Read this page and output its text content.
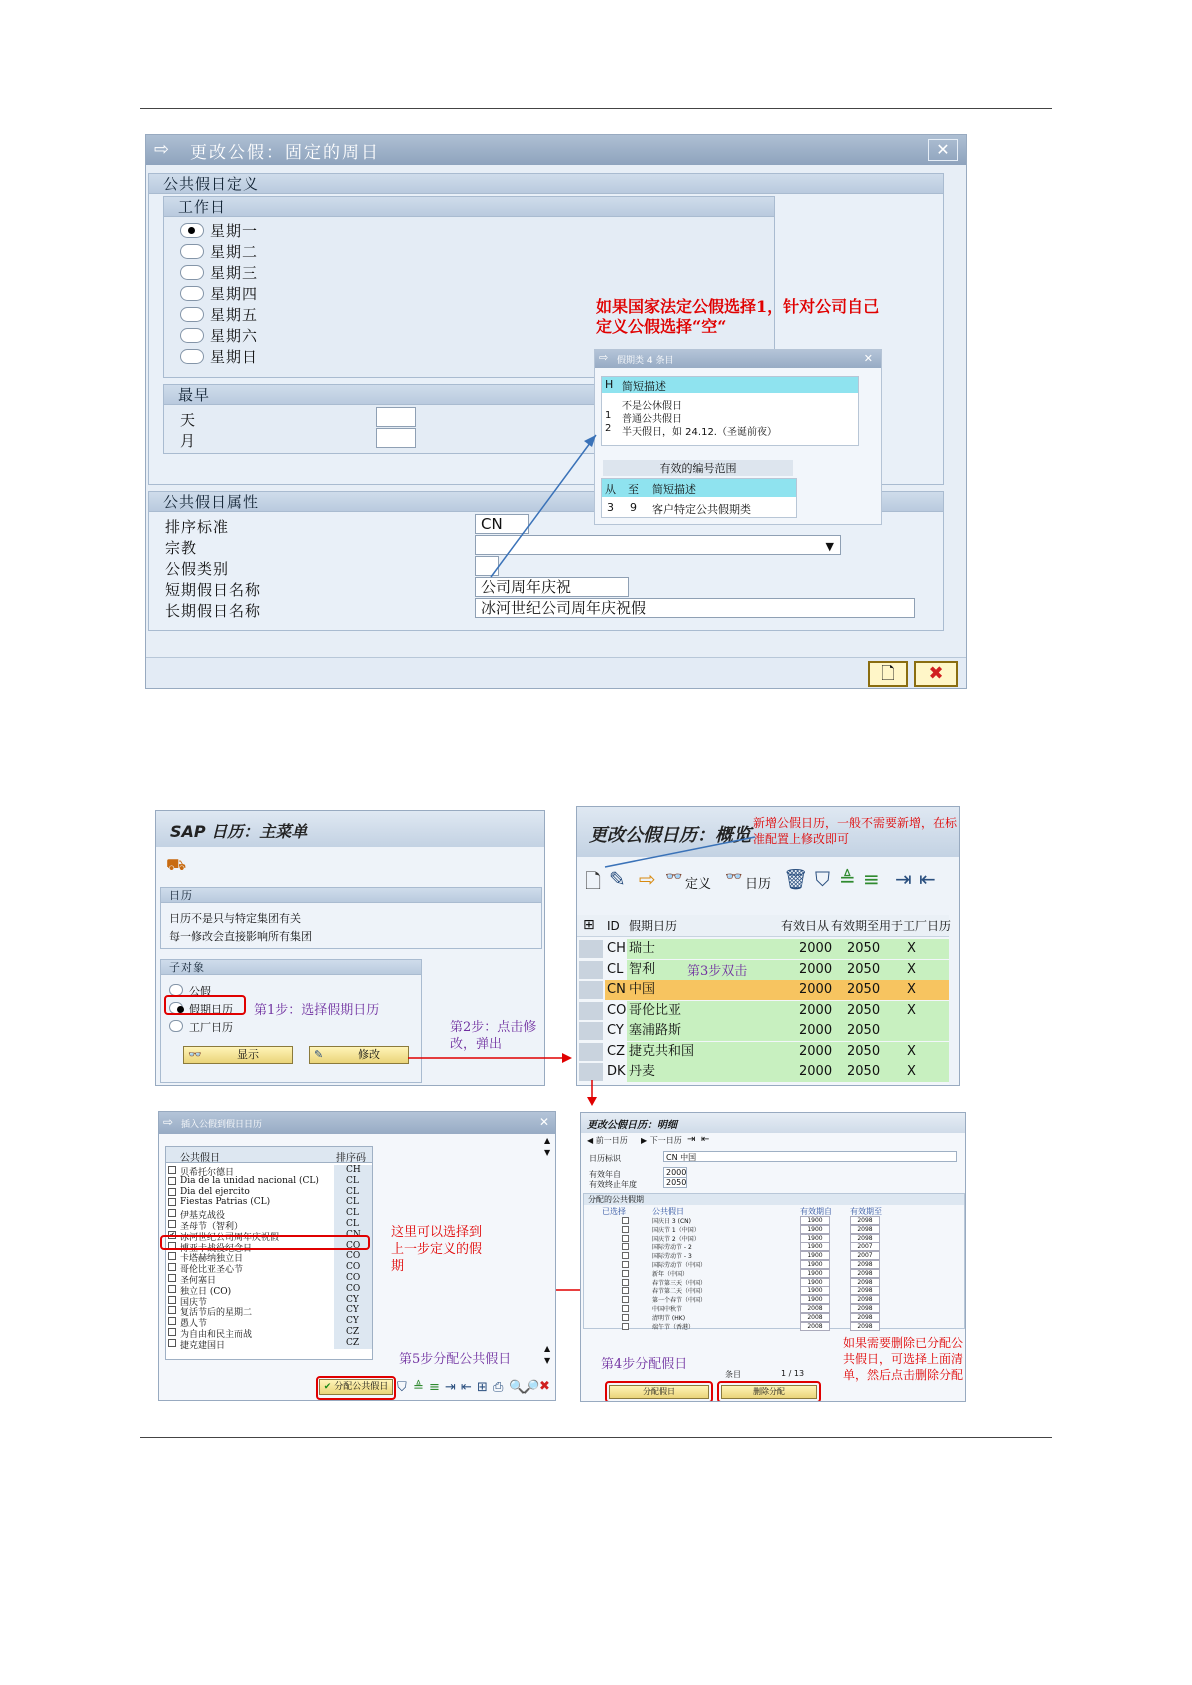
⇨ 更改公假：固定的周日	✕
公共假日定义
工作日
星期一
星期二
星期三
星期四
星期五
星期六
星期日
最早
天
月
公共假日属性
排序标准
宗教
公假类别
短期假日名称
长期假日名称
CN
▼
公司周年庆祝
冰河世纪公司周年庆祝假
🗋	✖
如果国家法定公假选择1，针对公司自己定义公假选择“空“
⇨ 假期类 4 条目	✕
H 简短描述
不是公休假日
1 普通公共假日
2 半天假日，如 24.12.（圣诞前夜）
有效的编号范围
从 至 简短描述
3 9 客户特定公共假期类
SAP 日历：主菜单
⛟
日历
日历不是只与特定集团有关
每一修改会直接影响所有集团
子对象
公假
假期日历
工厂日历
👓	显示	✎	修改
第1步：选择假期日历
第2步：点击修改，弹出
更改公假日历：概览
新增公假日历，一般不需要新增，在标准配置上修改即可
🗋 ✎ ⇨ 👓 定义 👓 日历 🗑 ⛉ ≜ ≡ ⇥ ⇤
⊞ ID 假期日历	有效日从 有效期至 用于工厂日历
CH 瑞士	2000 2050 X
CL 智利	2000 2050 X
CN 中国	2000 2050 X
CO 哥伦比亚	2000 2050 X
CY 塞浦路斯	2000 2050
CZ 捷克共和国	2000 2050 X
DK 丹麦	2000 2050 X
第3步双击
⇨ 插入公假到假日日历	✕
公共假日	排序码
贝希托尔德日	CH
Dia de la unidad nacional (CL)	CL
Dia del ejercito	CL
Fiestas Patrias (CL)	CL
伊基克战役	CL
圣母节（智利）	CL
✔ 冰河世纪公司周年庆祝假	CN
博亚卡战役纪念日	CO
卡塔赫纳独立日	CO
哥伦比亚圣心节	CO
圣何塞日	CO
独立日 (CO)	CO
国庆节	CY
复活节后的星期二	CY
愚人节	CY
为自由和民主而战	CZ
捷克建国日	CZ
▲
▼
▲
▼
这里可以选择到上一步定义的假期
第5步分配公共假日
✔ 分配公共假日 ⛉ ≜ ≡ ⇥ ⇤ ⊞ ⎙ 🔍
🔎 ✖
更改公假日历：明细
◀ 前一日历 ▶ 下一日历 ⇥ ⇤
日历标识	CN 中国
有效年自	2000
有效终止年度	2050
分配的公共假期
已选择	公共假日	有效期自 有效期至
国庆日 3 (CN)	1900	2098
国庆节 1（中国）	1900	2098
国庆节 2（中国）	1900	2098
国际劳动节 - 2	1900	2007
国际劳动节 - 3	1900	2007
国际劳动节（中国）	1900	2098
新年（中国）	1900	2098
春节第三天（中国）	1900	2098
春节第二天（中国）	1900	2098
第一个春节（中国）	1900	2098
中国中秋节	2008	2098
清明节 (HK)	2008	2098
端午节（香港）	2008	2098
第4步分配假日
条目	1 / 13
分配假日	删除分配
如果需要删除已分配公共假日，可选择上面清单，然后点击删除分配
